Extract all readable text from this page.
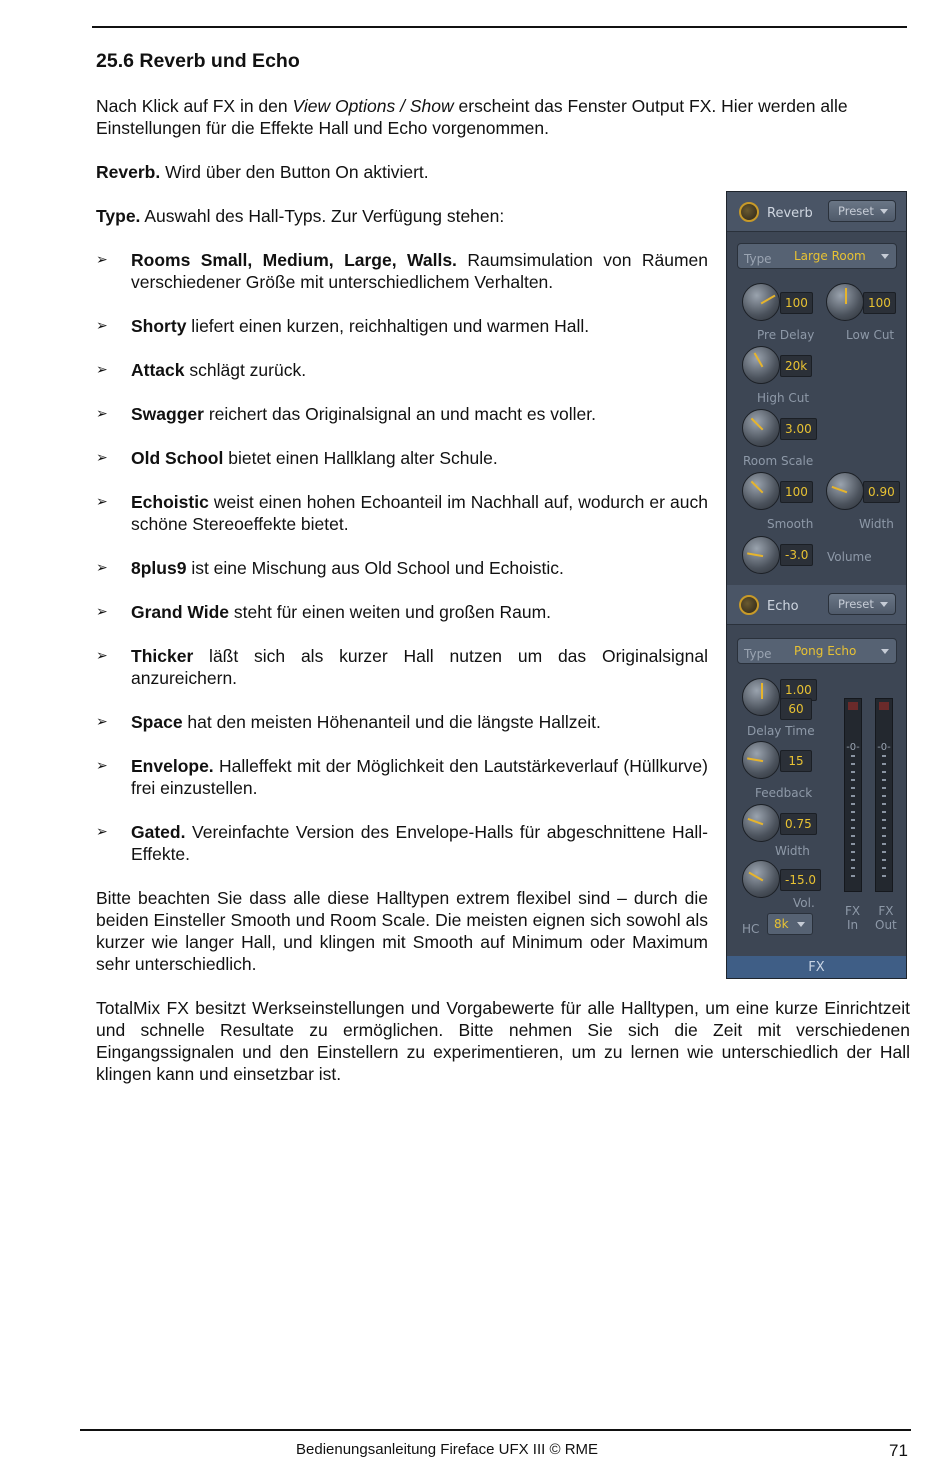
25.6 Reverb und Echo
Nach Klick auf FX in den View Options / Show erscheint das Fenster Output FX. Hier werden alle Einstellungen für die Effekte Hall und Echo vorgenommen.
Reverb. Wird über den Button On aktiviert.
Type. Auswahl des Hall-Typs. Zur Verfügung stehen:
➢	Rooms Small, Medium, Large, Walls. Raumsimulation von Räumen verschiedener Größe mit unterschiedlichem Verhalten.
➢	Shorty liefert einen kurzen, reichhaltigen und warmen Hall.
➢	Attack schlägt zurück.
➢	Swagger reichert das Originalsignal an und macht es voller.
➢	Old School bietet einen Hallklang alter Schule.
➢	Echoistic weist einen hohen Echoanteil im Nachhall auf, wodurch er auch schöne Stereoeffekte bietet.
➢	8plus9 ist eine Mischung aus Old School und Echoistic.
➢	Grand Wide steht für einen weiten und großen Raum.
➢	Thicker läßt sich als kurzer Hall nutzen um das Originalsignal anzureichern.
➢	Space hat den meisten Höhenanteil und die längste Hallzeit.
➢	Envelope. Halleffekt mit der Möglichkeit den Lautstärkeverlauf (Hüllkurve) frei einzustellen.
➢	Gated. Vereinfachte Version des Envelope-Halls für abgeschnittene Hall-Effekte.
Bitte beachten Sie dass alle diese Halltypen extrem flexibel sind – durch die beiden Einsteller Smooth und Room Scale. Die meisten eignen sich sowohl als kurzer wie langer Hall, und klingen mit Smooth auf Minimum oder Maximum sehr unterschiedlich.
TotalMix FX besitzt Werkseinstellungen und Vorgabewerte für alle Halltypen, um eine kurze Einrichtzeit und schnelle Resultate zu ermöglichen. Bitte nehmen Sie sich die Zeit mit verschiedenen Eingangssignalen und den Einstellern zu experimentieren, um zu lernen wie unterschiedlich der Hall klingen kann und einsetzbar ist.
Reverb	Preset
Type	Large Room
100
Pre Delay
100
Low Cut
20k
High Cut
3.00
Room Scale
100
Smooth
0.90
Width
-3.0	Volume
Echo	Preset
Type	Pong Echo
1.00
60
Delay Time
15
Feedback
0.75
Width
-15.0
Vol.
HC	8k
-0- -0-
FX
In
FX
Out
FX
Bedienungsanleitung Fireface UFX III © RME	71
